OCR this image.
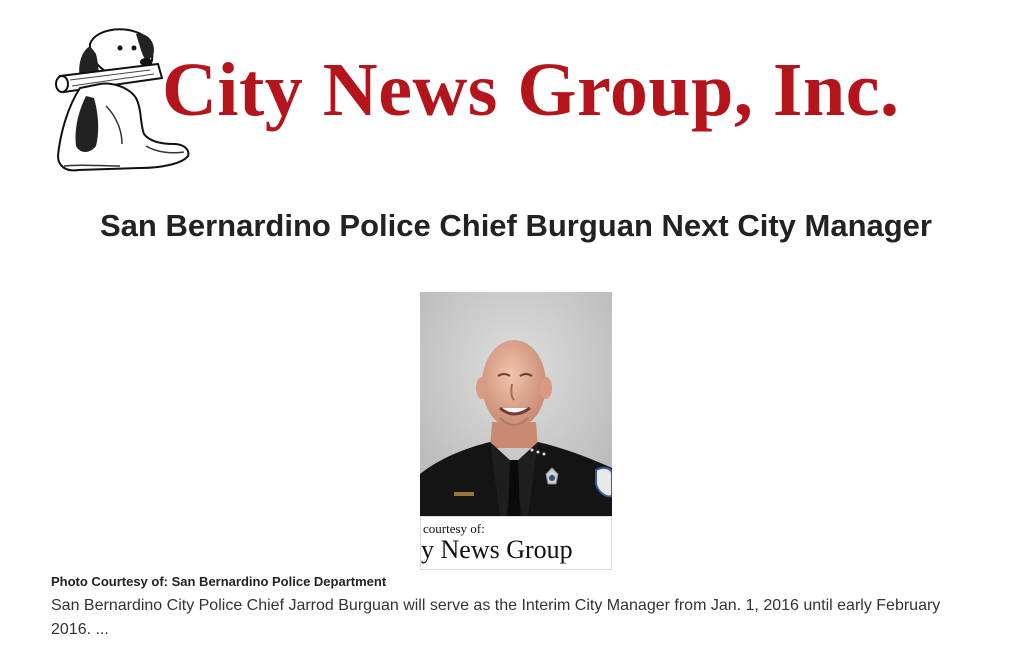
City News Group, Inc.
San Bernardino Police Chief Burguan Next City Manager
courtesy of:
y News Group
Photo Courtesy of: San Bernardino Police Department
San Bernardino City Police Chief Jarrod Burguan will serve as the Interim City Manager from Jan. 1, 2016 until early February 2016. ...
